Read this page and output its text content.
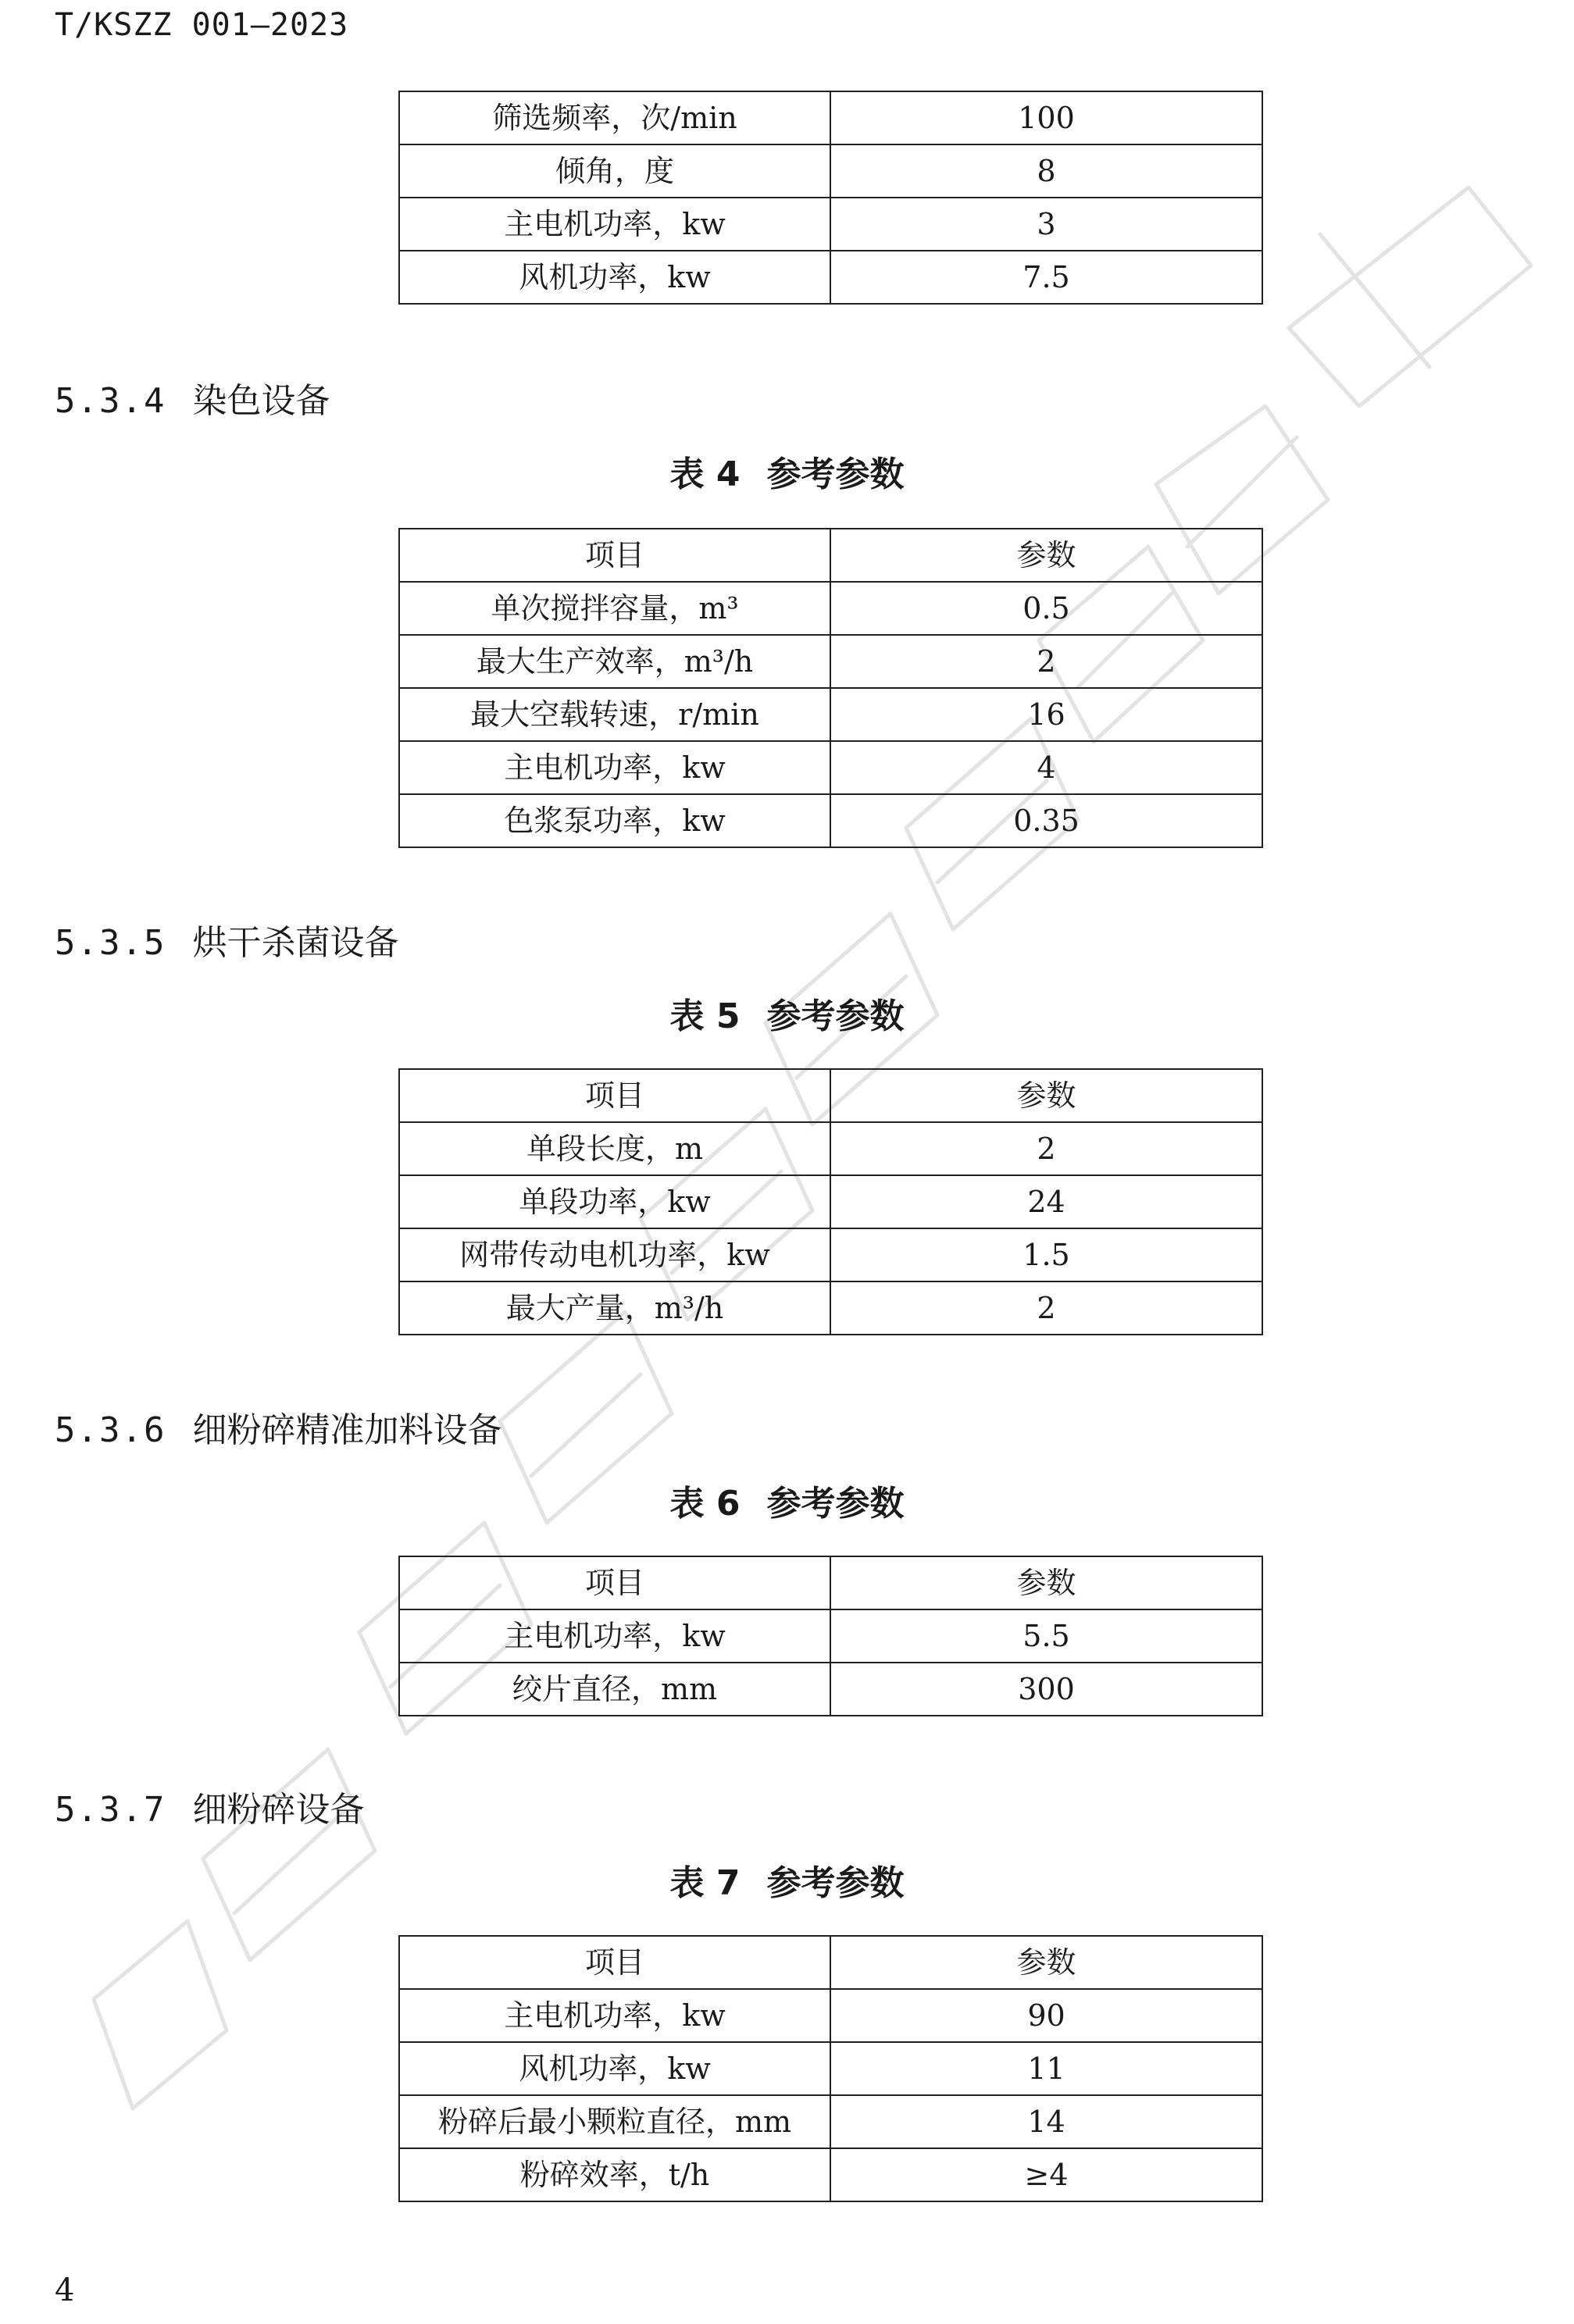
T/KSZZ 001—2023
筛选频率，次/min	100
倾角，度	8
主电机功率，kw	3
风机功率，kw	7.5
5.3.4 染色设备
表 4 参考参数
项目	参数
单次搅拌容量，m³	0.5
最大生产效率，m³/h	2
最大空载转速，r/min	16
主电机功率，kw	4
色浆泵功率，kw	0.35
5.3.5 烘干杀菌设备
表 5 参考参数
项目	参数
单段长度，m	2
单段功率，kw	24
网带传动电机功率，kw	1.5
最大产量，m³/h	2
5.3.6 细粉碎精准加料设备
表 6 参考参数
项目	参数
主电机功率，kw	5.5
绞片直径，mm	300
5.3.7 细粉碎设备
表 7 参考参数
项目	参数
主电机功率，kw	90
风机功率，kw	11
粉碎后最小颗粒直径，mm	14
粉碎效率，t/h	≥4
4
